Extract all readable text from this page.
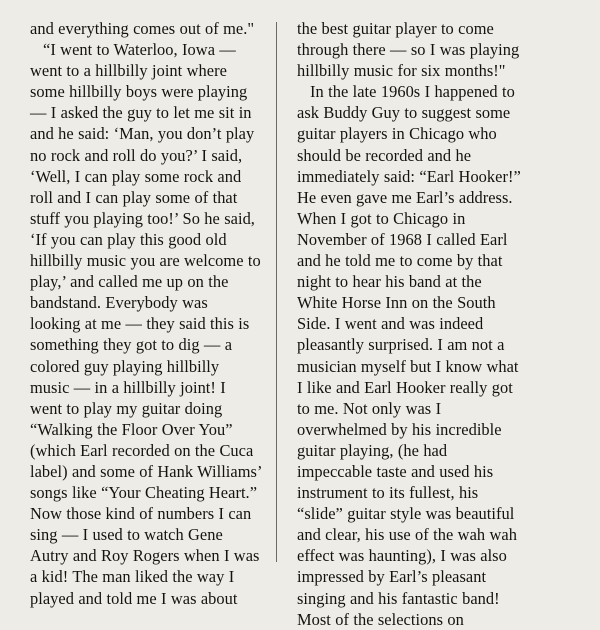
and everything comes out of me."

“I went to Waterloo, Iowa — went to a hillbilly joint where some hillbilly boys were playing — I asked the guy to let me sit in and he said: ‘Man, you don’t play no rock and roll do you?’ I said, ‘Well, I can play some rock and roll and I can play some of that stuff you playing too!’ So he said, ‘If you can play this good old hillbilly music you are welcome to play,’ and called me up on the bandstand. Everybody was looking at me — they said this is something they got to dig — a colored guy playing hillbilly music — in a hillbilly joint! I went to play my guitar doing “Walking the Floor Over You” (which Earl recorded on the Cuca label) and some of Hank Williams’ songs like “Your Cheating Heart.” Now those kind of numbers I can sing — I used to watch Gene Autry and Roy Rogers when I was a kid! The man liked the way I played and told me I was about

the best guitar player to come through there — so I was playing hillbilly music for six months!"

In the late 1960s I happened to ask Buddy Guy to suggest some guitar players in Chicago who should be recorded and he immediately said: “Earl Hooker!” He even gave me Earl’s address. When I got to Chicago in November of 1968 I called Earl and he told me to come by that night to hear his band at the White Horse Inn on the South Side. I went and was indeed pleasantly surprised. I am not a musician myself but I know what I like and Earl Hooker really got to me. Not only was I overwhelmed by his incredible guitar playing, (he had impeccable taste and used his instrument to its fullest, his “slide” guitar style was beautiful and clear, his use of the wah wah effect was haunting), I was also impressed by Earl’s pleasant singing and his fantastic band! Most of the selections on
